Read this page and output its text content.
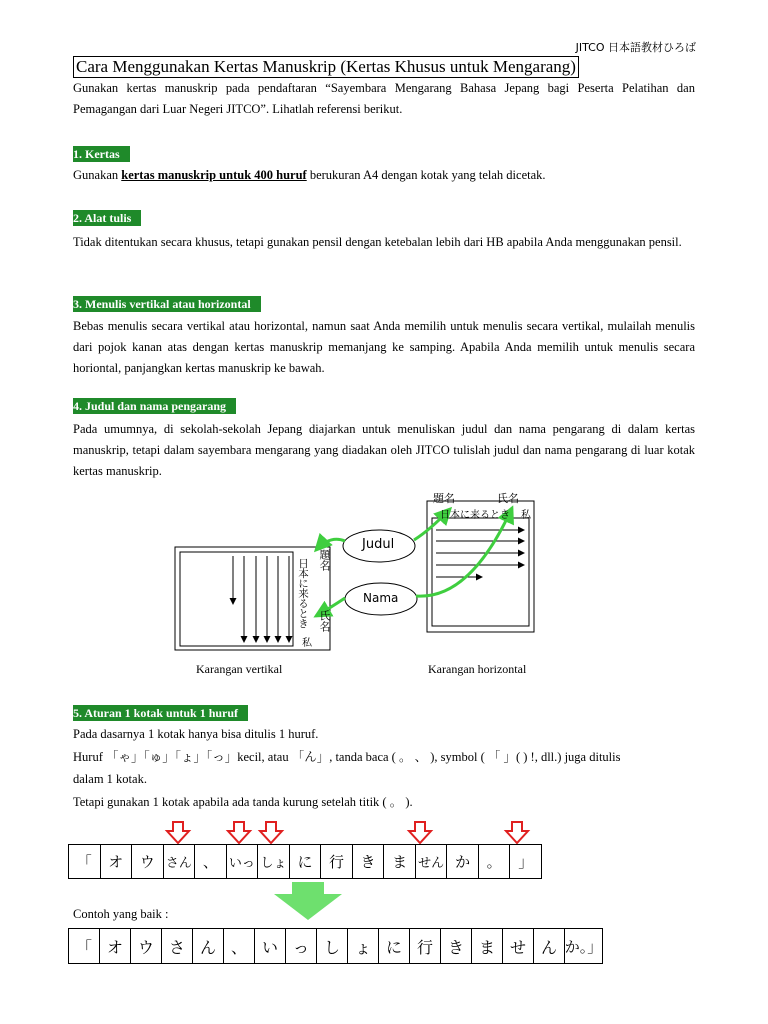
JITCO 日本語教材ひろば
Cara Menggunakan Kertas Manuskrip (Kertas Khusus untuk Mengarang)

Gunakan kertas manuskrip pada pendaftaran “Sayembara Mengarang Bahasa Jepang bagi Peserta Pelatihan dan Pemagangan dari Luar Negeri JITCO”. Lihatlah referensi berikut.

1. Kertas

Gunakan kertas manuskrip untuk 400 huruf berukuran A4 dengan kotak yang telah dicetak.

2. Alat tulis

Tidak ditentukan secara khusus, tetapi gunakan pensil dengan ketebalan lebih dari HB apabila Anda menggunakan pensil.

3. Menulis vertikal atau horizontal

Bebas menulis secara vertikal atau horizontal, namun saat Anda memilih untuk menulis secara vertikal, mulailah menulis dari pojok kanan atas dengan kertas manuskrip memanjang ke samping. Apabila Anda memilih untuk menulis secara horiontal, panjangkan kertas manuskrip ke bawah.

4. Judul dan nama pengarang

Pada umumnya, di sekolah-sekolah Jepang diajarkan untuk menuliskan judul dan nama pengarang di dalam kertas manuskrip, tetapi dalam sayembara mengarang yang diadakan oleh JITCO tulislah judul dan nama pengarang di luar kotak kertas manuskrip.

Judul
Nama
題名
日本に来るとき 氏名
私
題名	氏名
日本に来るとき 私
Karangan vertikal	Karangan horizontal
5. Aturan 1 kotak untuk 1 huruf

Pada dasarnya 1 kotak hanya bisa ditulis 1 huruf.

Huruf 「ゃ」「ゅ」「ょ」「っ」kecil, atau 「ん」, tanda baca ( 。 、 ), symbol ( 「 」( ) !, dll.) juga ditulis

dalam 1 kotak.

Tetapi gunakan 1 kotak apabila ada tanda kurung setelah titik ( 。 ).

「	オ	ウ さん 、 いっ しょ に	行	き	ま せん か	。	」
Contoh yang baik :
「 オ ウ さ ん 、 い っ し ょ に 行 き ま せ ん か。」
